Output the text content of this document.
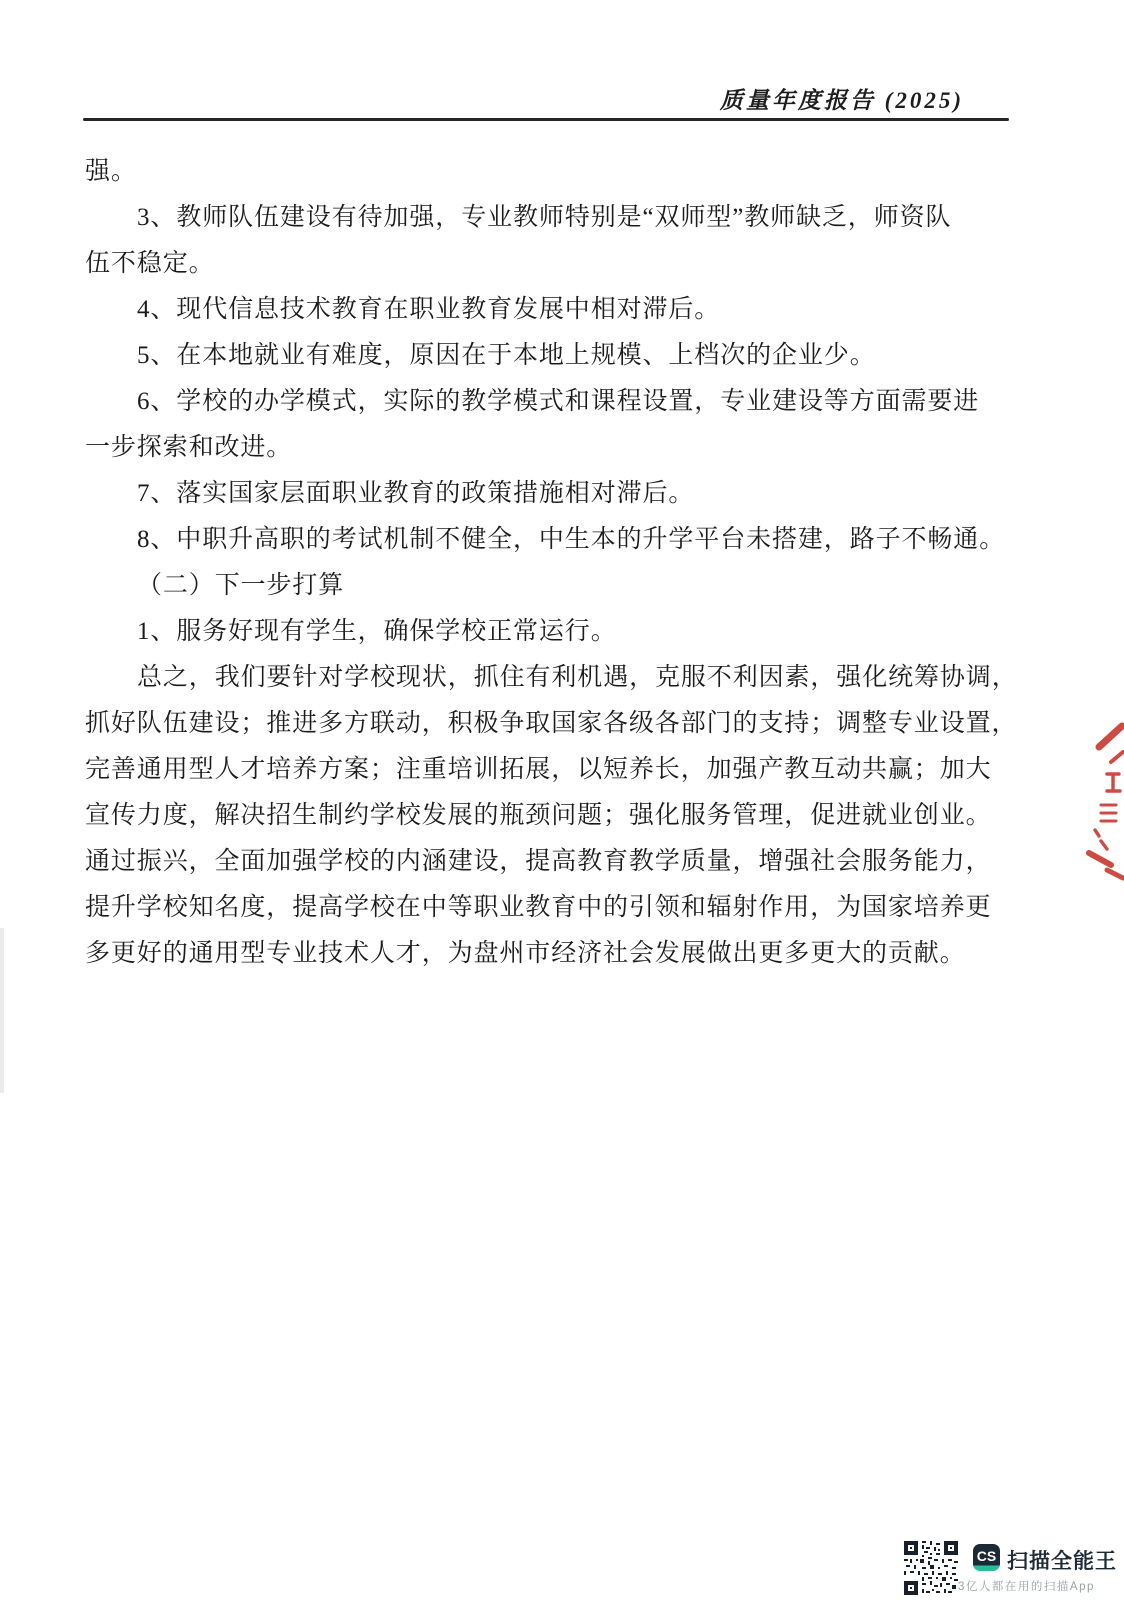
质量年度报告 (2025)
强。
3、教师队伍建设有待加强，专业教师特别是“双师型”教师缺乏，师资队
伍不稳定。
4、现代信息技术教育在职业教育发展中相对滞后。
5、在本地就业有难度，原因在于本地上规模、上档次的企业少。
6、学校的办学模式，实际的教学模式和课程设置，专业建设等方面需要进
一步探索和改进。
7、落实国家层面职业教育的政策措施相对滞后。
8、中职升高职的考试机制不健全，中生本的升学平台未搭建，路子不畅通。
（二）下一步打算
1、服务好现有学生，确保学校正常运行。
总之，我们要针对学校现状，抓住有利机遇，克服不利因素，强化统筹协调，
抓好队伍建设；推进多方联动，积极争取国家各级各部门的支持；调整专业设置，
完善通用型人才培养方案；注重培训拓展，以短养长，加强产教互动共赢；加大
宣传力度，解决招生制约学校发展的瓶颈问题；强化服务管理，促进就业创业。
通过振兴，全面加强学校的内涵建设，提高教育教学质量，增强社会服务能力，
提升学校知名度，提高学校在中等职业教育中的引领和辐射作用，为国家培养更
多更好的通用型专业技术人才，为盘州市经济社会发展做出更多更大的贡献。
CS 扫描全能王
3亿人都在用的扫描App
